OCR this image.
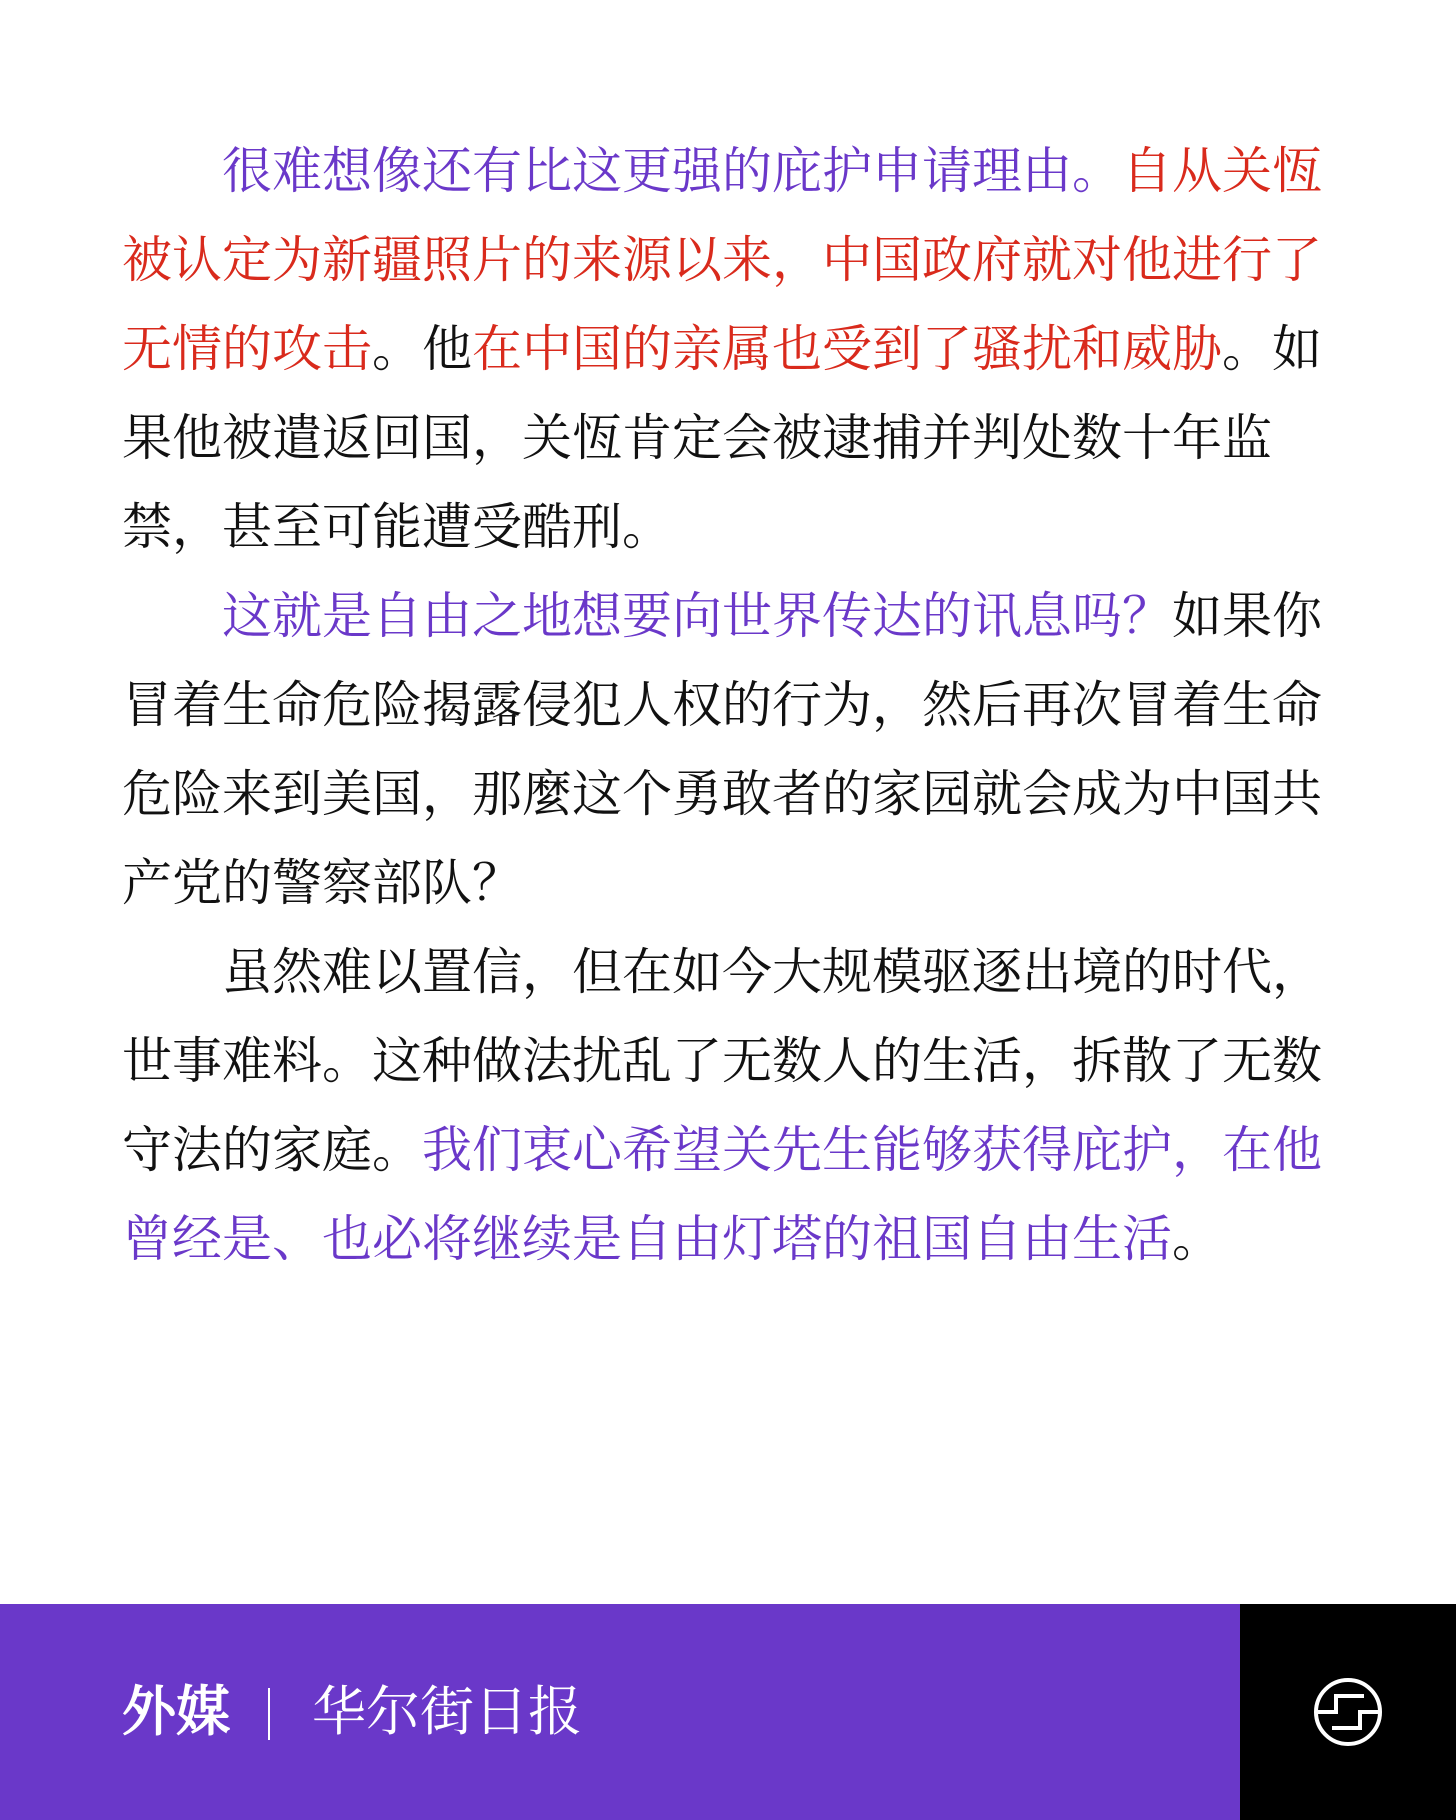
很难想像还有比这更强的庇护申请理由。自从关恆被认定为新疆照片的来源以来，中国政府就对他进行了无情的攻击。他在中国的亲属也受到了骚扰和威胁。如果他被遣返回国，关恆肯定会被逮捕并判处数十年监禁，甚至可能遭受酷刑。

这就是自由之地想要向世界传达的讯息吗？如果你冒着生命危险揭露侵犯人权的行为，然后再次冒着生命危险来到美国，那麼这个勇敢者的家园就会成为中国共产党的警察部队？

虽然难以置信，但在如今大规模驱逐出境的时代，世事难料。这种做法扰乱了无数人的生活，拆散了无数守法的家庭。我们衷心希望关先生能够获得庇护，在他曾经是、也必将继续是自由灯塔的祖国自由生活。

外媒 华尔街日报
